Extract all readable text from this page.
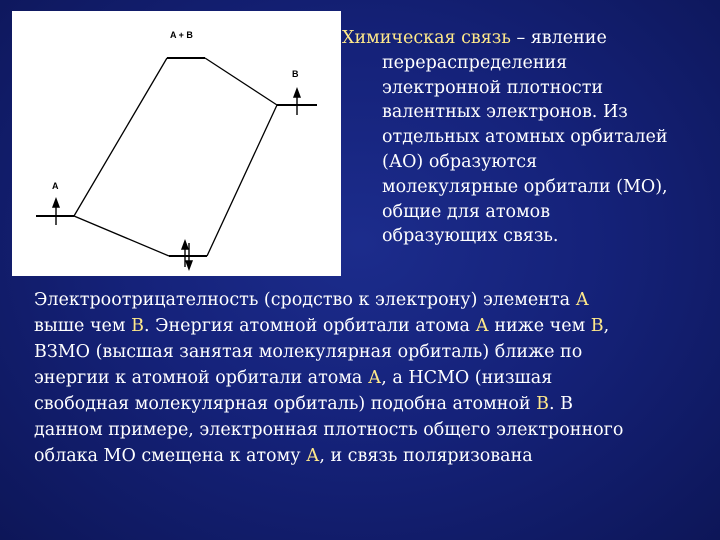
A + B
B
A
Химическая связь – явление
перераспределения
электронной плотности
валентных электронов. Из
отдельных атомных орбиталей
(АО) образуются
молекулярные орбитали (МО),
общие для атомов
образующих связь.
Электроотрицателность (сродство к электрону) элемента А
выше чем В. Энергия атомной орбитали атома А ниже чем В,
ВЗМО (высшая занятая молекулярная орбиталь) ближе по
энергии к атомной орбитали атома А, а НСМО (низшая
свободная молекулярная орбиталь) подобна атомной В. В
данном примере, электронная плотность общего электронного
облака МО смещена к атому А, и связь поляризована
